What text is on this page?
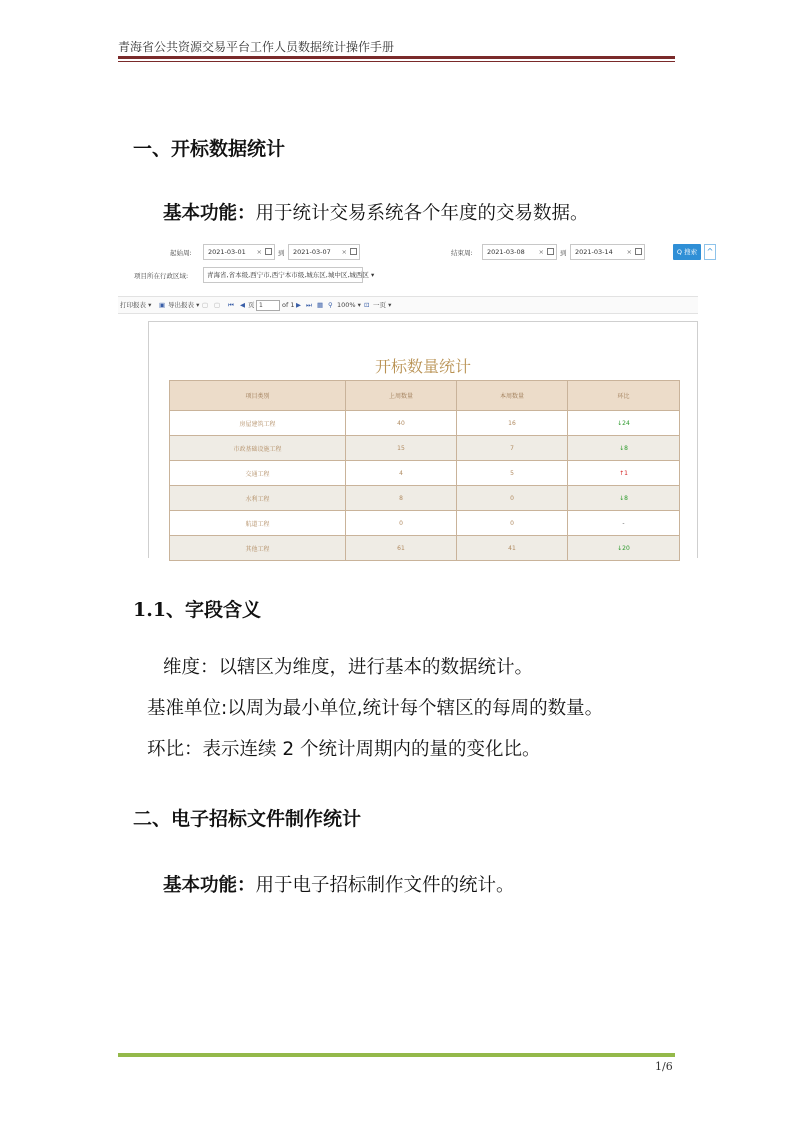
青海省公共资源交易平台工作人员数据统计操作手册
一、开标数据统计
基本功能：用于统计交易系统各个年度的交易数据。
起始周:	2021-03-01 × 到	2021-03-07 ×	结束周:	2021-03-08 × 到	2021-03-14 ×	Q 搜索	^
项目所在行政区域:	青海省,省本级,西宁市,西宁本市级,城东区,城中区,城西区 ▾
打印报表 ▾ ▣ 导出报表 ▾ ▢ ▢ ⏮ ◀ 页 1	of 1 ▶ ⏭ ▦ ⚲ 100% ▾ ⊡ 一页 ▾
开标数量统计
项目类别	上周数量	本周数量	环比
房屋建筑工程	40	16	↓24
市政基础设施工程	15	7	↓8
交通工程	4	5	↑1
水利工程	8	0	↓8
航道工程	0	0	-
其他工程	61	41	↓20
1.1、字段含义
维度：以辖区为维度，进行基本的数据统计。
基准单位:以周为最小单位,统计每个辖区的每周的数量。
环比：表示连续 2 个统计周期内的量的变化比。
二、电子招标文件制作统计
基本功能：用于电子招标制作文件的统计。
1/6
